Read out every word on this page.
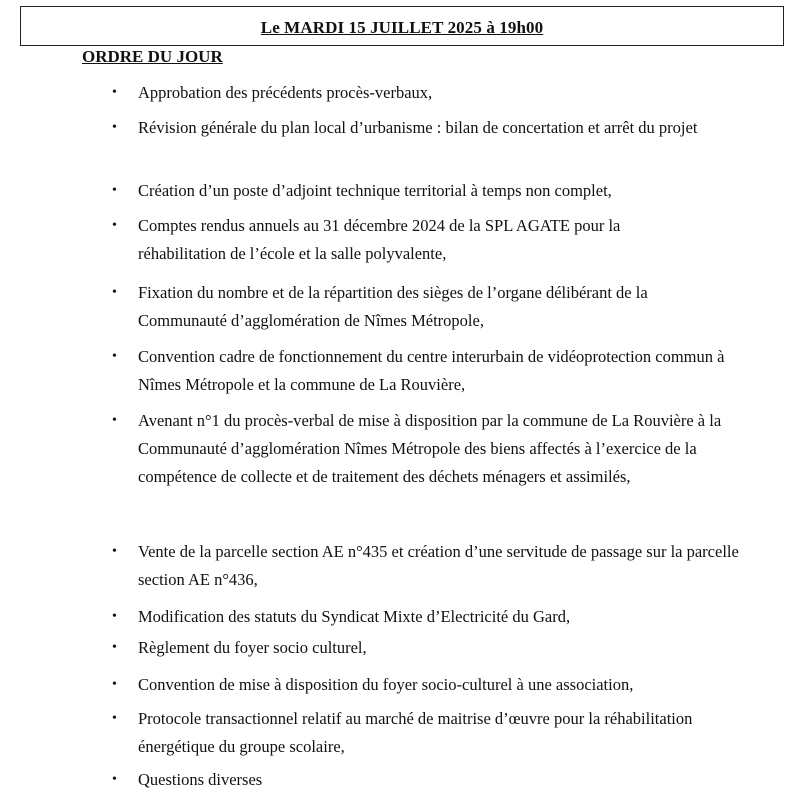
Le MARDI 15 JUILLET 2025 à 19h00
ORDRE DU JOUR
• Approbation des précédents procès-verbaux,
• Révision générale du plan local d’urbanisme : bilan de concertation et arrêt du projet
• Création d’un poste d’adjoint technique territorial à temps non complet,
• Comptes rendus annuels au 31 décembre 2024 de la SPL AGATE pour la réhabilitation de l’école et la salle polyvalente,
• Fixation du nombre et de la répartition des sièges de l’organe délibérant de la Communauté d’agglomération de Nîmes Métropole,
• Convention cadre de fonctionnement du centre interurbain de vidéoprotection commun à Nîmes Métropole et la commune de La Rouvière,
• Avenant n°1 du procès-verbal de mise à disposition par la commune de La Rouvière à la Communauté d’agglomération Nîmes Métropole des biens affectés à l’exercice de la compétence de collecte et de traitement des déchets ménagers et assimilés,
• Vente de la parcelle section AE n°435 et création d’une servitude de passage sur la parcelle section AE n°436,
• Modification des statuts du Syndicat Mixte d’Electricité du Gard,
• Règlement du foyer socio culturel,
• Convention de mise à disposition du foyer socio-culturel à une association,
• Protocole transactionnel relatif au marché de maitrise d’œuvre pour la réhabilitation énergétique du groupe scolaire,
• Questions diverses
